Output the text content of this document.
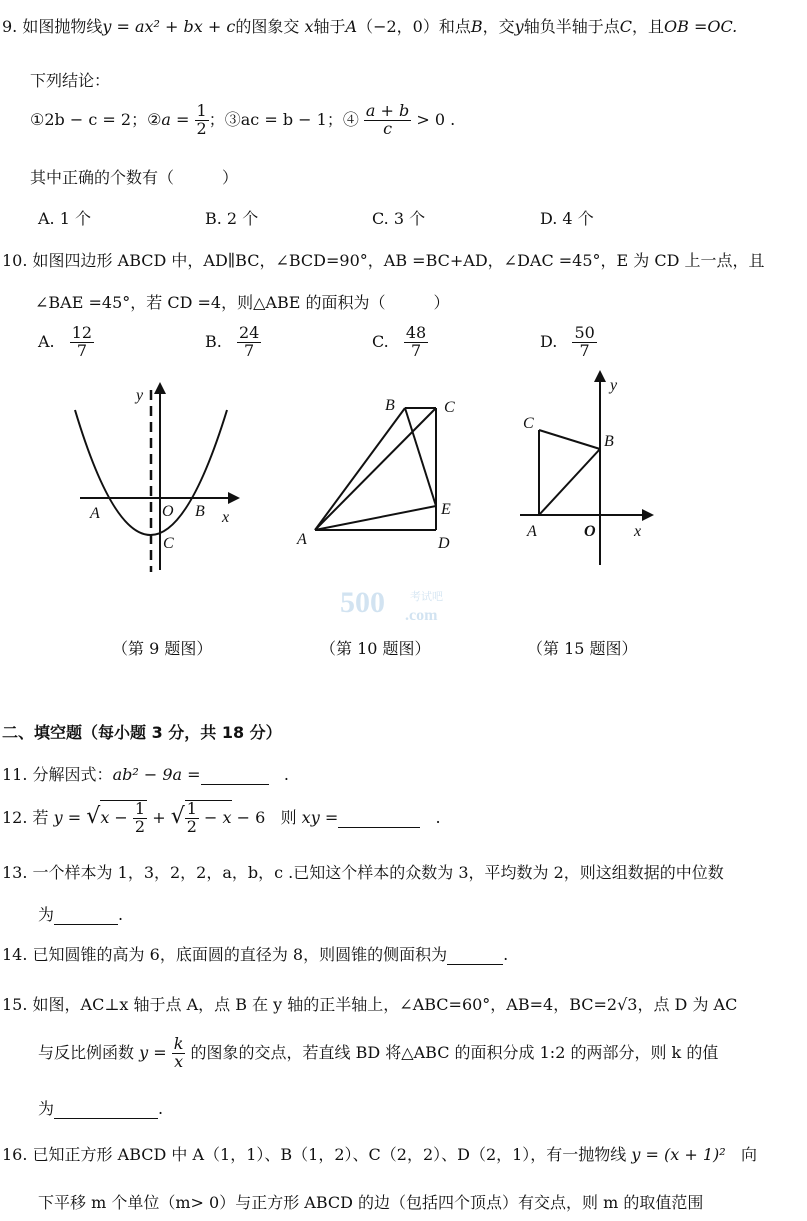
9. 如图抛物线y = ax² + bx + c的图象交 x轴于A（−2，0）和点B，交y轴负半轴于点C，且OB =OC.
下列结论：
①2b − c = 2；②a = $\frac{1}{2}$ ；③ac = b − 1；④ $\frac{a + b}{c} > 0$ .
其中正确的个数有（　　　）
A. 1 个	B. 2 个	C. 3 个	D. 4 个
10. 如图四边形 ABCD 中，AD∥BC，∠BCD=90°，AB =BC+AD，∠DAC =45°，E 为 CD 上一点，且
∠BAE =45°，若 CD =4，则△ABE 的面积为（　　　）
A. $\frac{12}{7}$	B. $\frac{24}{7}$	C. $\frac{48}{7}$	D. $\frac{50}{7}$
y
x
A	O B
C	A
B	C
D
E
y
x
A
B
C
O
500 考试吧
.com
（第 9 题图）	（第 10 题图）	（第 15 题图）
二、填空题（每小题 3 分，共 18 分）
11. 分解因式：ab² − 9a =	.
12. 若 $y = √x - \frac{1}{2}$ + √ $\frac{1}{2} - x - 6$ 则 xy =	.
13. 一个样本为 1，3，2，2，a，b，c .已知这个样本的众数为 3，平均数为 2，则这组数据的中位数
为	.
14. 已知圆锥的高为 6，底面圆的直径为 8，则圆锥的侧面积为	.
15. 如图，AC⊥x 轴于点 A，点 B 在 y 轴的正半轴上，∠ABC=60°，AB=4，BC=2√3，点 D 为 AC
与反比例函数 $y = \frac{k}{x}$ 的图象的交点，若直线 BD 将△ABC 的面积分成 1:2 的两部分，则 k 的值
为	.
16. 已知正方形 ABCD 中 A（1，1）、B（1，2）、C（2，2）、D（2，1），有一抛物线 y = (x + 1)² 向
下平移 m 个单位（m> 0）与正方形 ABCD 的边（包括四个顶点）有交点，则 m 的取值范围
